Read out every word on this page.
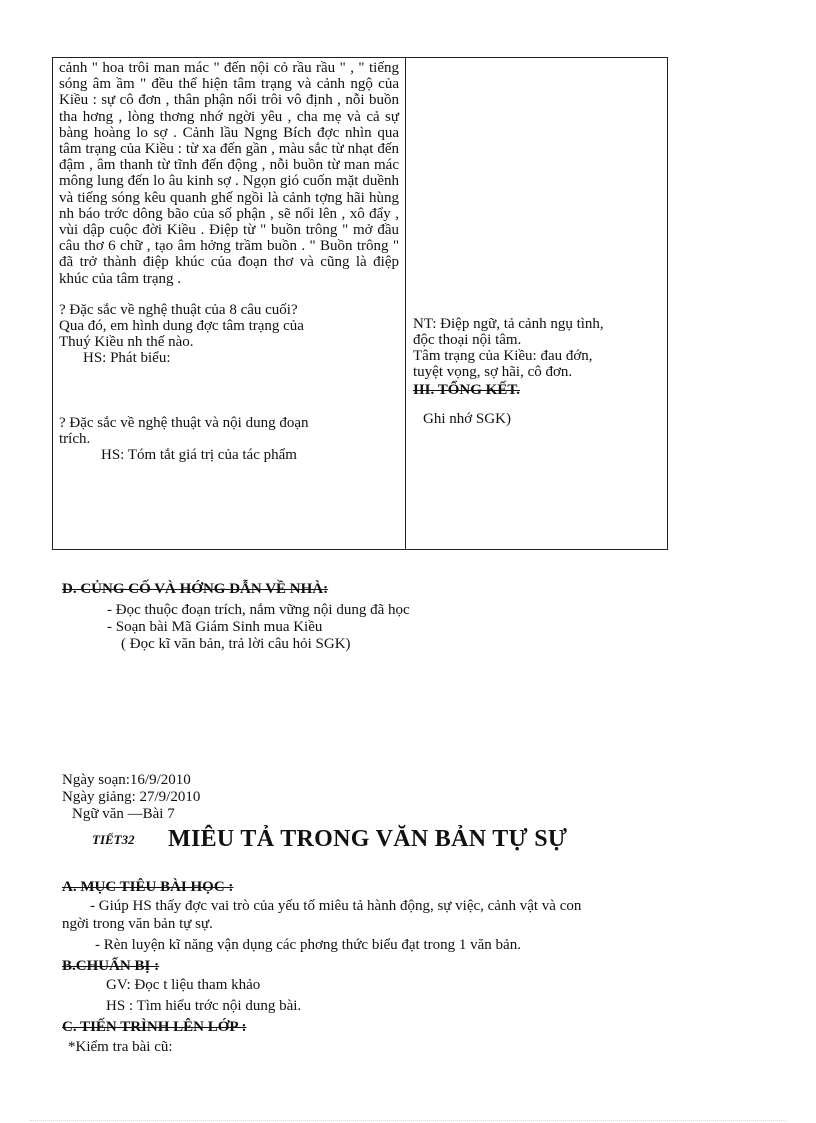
cảnh " hoa trôi man mác " đến nội cỏ rầu rầu " , " tiếng sóng âm ầm " đều thể hiện tâm trạng và cảnh ngộ của Kiều : sự cô đơn , thân phận nổi trôi vô định , nỗi buồn tha hơng , lòng thơng nhớ ngời yêu , cha mẹ và cả sự bàng hoàng lo sợ . Cảnh lầu Ngng Bích đợc nhìn qua tâm trạng của Kiều : từ xa đến gần , màu sắc từ nhạt đến đậm , âm thanh từ tĩnh đến động , nỗi buồn từ man mác mông lung đến lo âu kinh sợ . Ngọn gió cuốn mặt duềnh và tiếng sóng kêu quanh ghế ngồi là cảnh tợng hãi hùng nh báo trớc dông bão của số phận , sẽ nổi lên , xô đẩy , vùi dập cuộc đời Kiều . Điệp từ " buồn trông " mở đầu câu thơ 6 chữ , tạo âm hởng trầm buồn . " Buồn trông " đã trở thành điệp khúc của đoạn thơ và cũng là điệp khúc của tâm trạng .

? Đặc sắc về nghệ thuật của 8 câu cuối?

Qua đó, em hình dung đợc tâm trạng của

Thuý Kiều nh thế nào.

HS: Phát biểu:

? Đặc sắc về nghệ thuật và nội dung đoạn

trích.

HS: Tóm tắt giá trị của tác phẩm

NT: Điệp ngữ, tả cảnh ngụ tình,
độc thoại nội tâm.
Tâm trạng của Kiều: đau đớn,
tuyệt vọng, sợ hãi, cô đơn.
III. TỔNG KẾT.
Ghi nhớ SGK)
D. CỦNG CỐ VÀ HỚNG DẪN VỀ NHÀ:
- Đọc thuộc đoạn trích, nắm vững nội dung đã học
- Soạn bài Mã Giám Sinh mua Kiều
( Đọc kĩ văn bản, trả lời câu hỏi SGK)
Ngày soạn:16/9/2010
Ngày giảng: 27/9/2010
Ngữ văn —Bài 7
TIẾT32 MIÊU TẢ TRONG VĂN BẢN TỰ SỰ
A. MỤC TIÊU BÀI HỌC :
- Giúp HS thấy đợc vai trò của yếu tố miêu tả hành động, sự việc, cảnh vật và con
ngời trong văn bản tự sự.
- Rèn luyện kĩ năng vận dụng các phơng thức biểu đạt trong 1 văn bản.
B.CHUẨN BỊ :
GV: Đọc t liệu tham khảo
HS : Tìm hiểu trớc nội dung bài.
C. TIẾN TRÌNH LÊN LỚP :
*Kiểm tra bài cũ:
